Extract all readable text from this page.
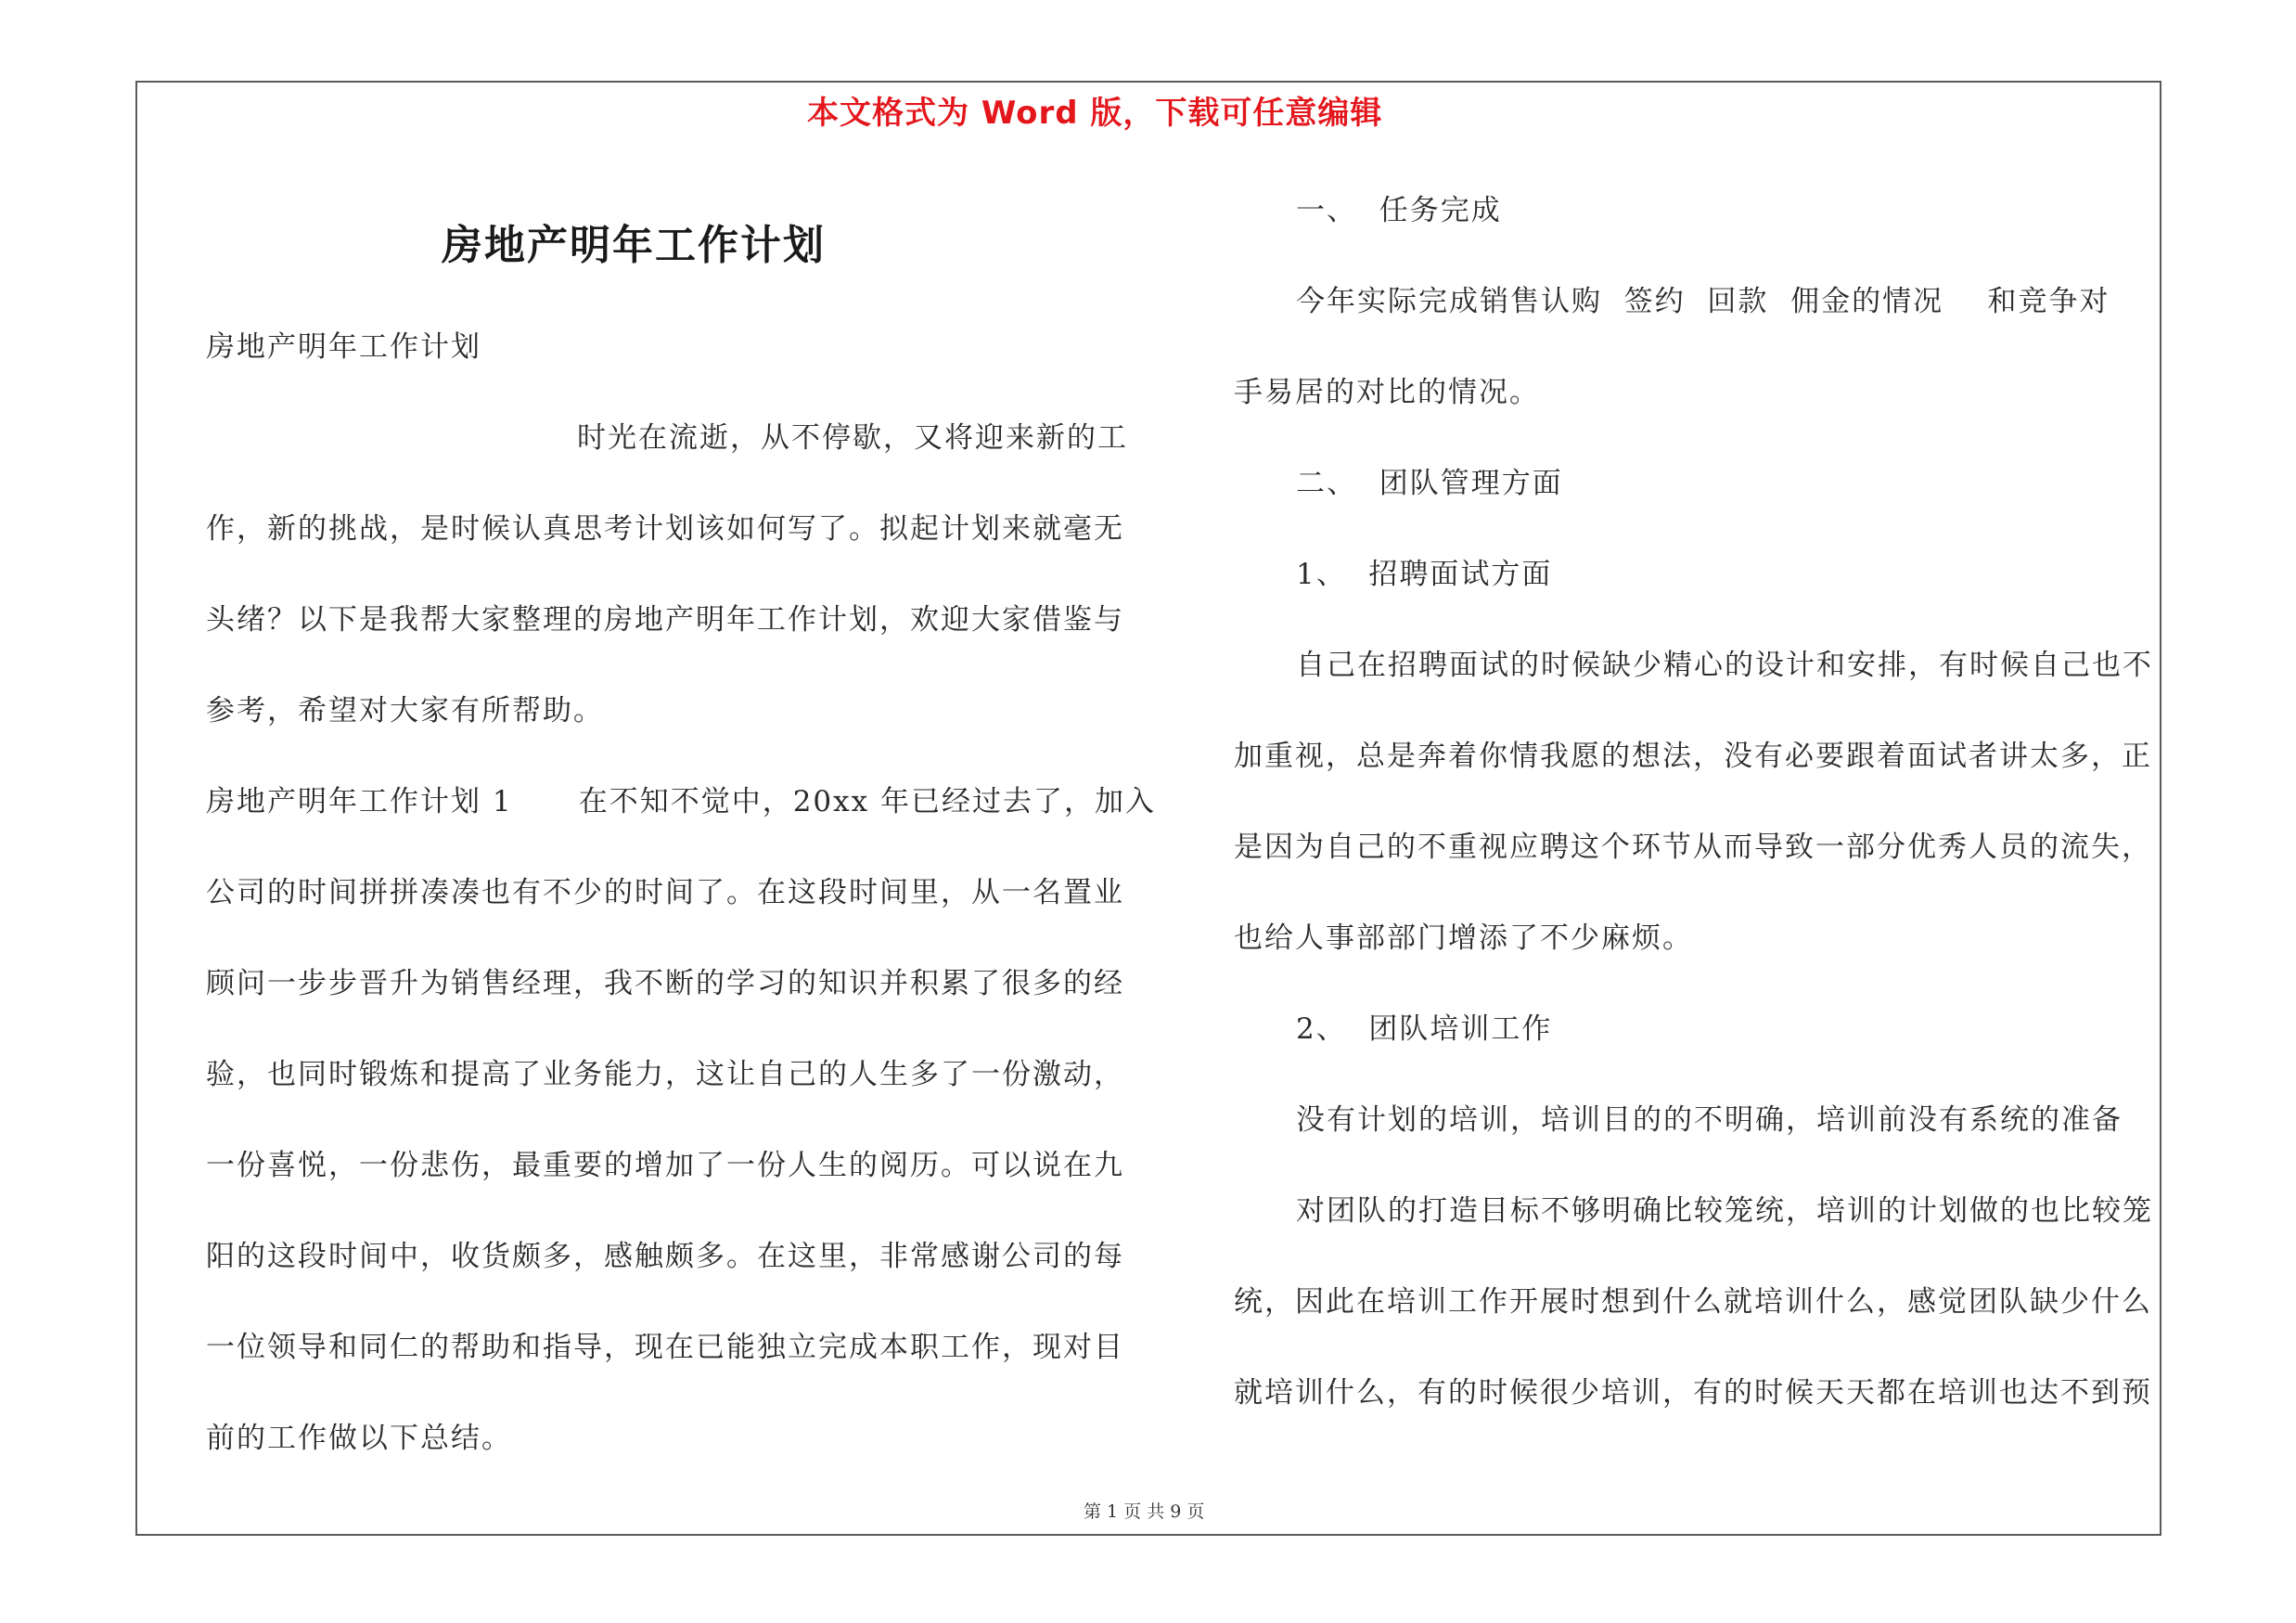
本文格式为 Word 版，下载可任意编辑
房地产明年工作计划
房地产明年工作计划
时光在流逝，从不停歇，又将迎来新的工
作，新的挑战，是时候认真思考计划该如何写了。拟起计划来就毫无
头绪？以下是我帮大家整理的房地产明年工作计划，欢迎大家借鉴与
参考，希望对大家有所帮助。
房地产明年工作计划 1      在不知不觉中，20xx 年已经过去了，加入
公司的时间拼拼凑凑也有不少的时间了。在这段时间里，从一名置业
顾问一步步晋升为销售经理，我不断的学习的知识并积累了很多的经
验，也同时锻炼和提高了业务能力，这让自己的人生多了一份激动，
一份喜悦，一份悲伤，最重要的增加了一份人生的阅历。可以说在九
阳的这段时间中，收货颇多，感触颇多。在这里，非常感谢公司的每
一位领导和同仁的帮助和指导，现在已能独立完成本职工作，现对目
前的工作做以下总结。
一、  任务完成
今年实际完成销售认购  签约  回款  佣金的情况    和竞争对
手易居的对比的情况。
二、  团队管理方面
1、  招聘面试方面
自己在招聘面试的时候缺少精心的设计和安排，有时候自己也不
加重视，总是奔着你情我愿的想法，没有必要跟着面试者讲太多，正
是因为自己的不重视应聘这个环节从而导致一部分优秀人员的流失，
也给人事部部门增添了不少麻烦。
2、  团队培训工作
没有计划的培训，培训目的的不明确，培训前没有系统的准备
对团队的打造目标不够明确比较笼统，培训的计划做的也比较笼
统，因此在培训工作开展时想到什么就培训什么，感觉团队缺少什么
就培训什么，有的时候很少培训，有的时候天天都在培训也达不到预
第 1 页 共 9 页
